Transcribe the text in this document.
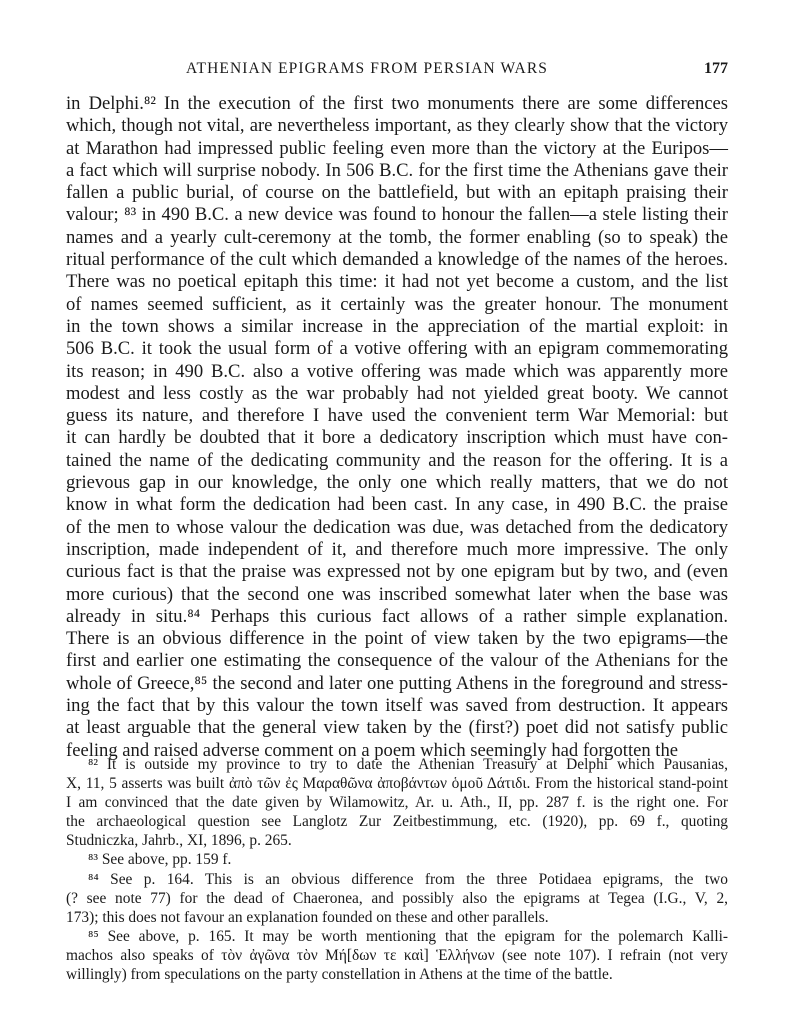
ATHENIAN EPIGRAMS FROM PERSIAN WARS	177
in Delphi.⁸² In the execution of the first two monuments there are some differences
which, though not vital, are nevertheless important, as they clearly show that the victory
at Marathon had impressed public feeling even more than the victory at the Euripos—
a fact which will surprise nobody. In 506 B.C. for the first time the Athenians gave their
fallen a public burial, of course on the battlefield, but with an epitaph praising their
valour; ⁸³ in 490 B.C. a new device was found to honour the fallen—a stele listing their
names and a yearly cult-ceremony at the tomb, the former enabling (so to speak) the
ritual performance of the cult which demanded a knowledge of the names of the heroes.
There was no poetical epitaph this time: it had not yet become a custom, and the list
of names seemed sufficient, as it certainly was the greater honour. The monument
in the town shows a similar increase in the appreciation of the martial exploit: in
506 B.C. it took the usual form of a votive offering with an epigram commemorating
its reason; in 490 B.C. also a votive offering was made which was apparently more
modest and less costly as the war probably had not yielded great booty. We cannot
guess its nature, and therefore I have used the convenient term War Memorial: but
it can hardly be doubted that it bore a dedicatory inscription which must have con-
tained the name of the dedicating community and the reason for the offering. It is a
grievous gap in our knowledge, the only one which really matters, that we do not
know in what form the dedication had been cast. In any case, in 490 B.C. the praise
of the men to whose valour the dedication was due, was detached from the dedicatory
inscription, made independent of it, and therefore much more impressive. The only
curious fact is that the praise was expressed not by one epigram but by two, and (even
more curious) that the second one was inscribed somewhat later when the base was
already in situ.⁸⁴ Perhaps this curious fact allows of a rather simple explanation.
There is an obvious difference in the point of view taken by the two epigrams—the
first and earlier one estimating the consequence of the valour of the Athenians for the
whole of Greece,⁸⁵ the second and later one putting Athens in the foreground and stress-
ing the fact that by this valour the town itself was saved from destruction. It appears
at least arguable that the general view taken by the (first?) poet did not satisfy public
feeling and raised adverse comment on a poem which seemingly had forgotten the
⁸² It is outside my province to try to date the Athenian Treasury at Delphi which Pausanias,
X, 11, 5 asserts was built ἀπὸ τῶν ἐς Μαραθῶνα ἀποβάντων ὁμοῦ Δάτιδι. From the historical stand-point
I am convinced that the date given by Wilamowitz, Ar. u. Ath., II, pp. 287 f. is the right one. For
the archaeological question see Langlotz Zur Zeitbestimmung, etc. (1920), pp. 69 f., quoting
Studniczka, Jahrb., XI, 1896, p. 265.
⁸³ See above, pp. 159 f.
⁸⁴ See p. 164. This is an obvious difference from the three Potidaea epigrams, the two
(? see note 77) for the dead of Chaeronea, and possibly also the epigrams at Tegea (I.G., V, 2,
173); this does not favour an explanation founded on these and other parallels.
⁸⁵ See above, p. 165. It may be worth mentioning that the epigram for the polemarch Kalli-
machos also speaks of τὸν ἀγῶνα τὸν Μή[δων τε καὶ] Ἑλλήνων (see note 107). I refrain (not very
willingly) from speculations on the party constellation in Athens at the time of the battle.
